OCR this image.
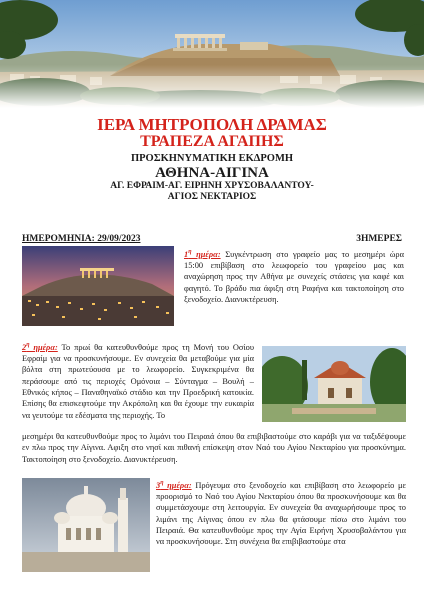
ΙΕΡΑ ΜΗΤΡΟΠΟΛΗ ΔΡΑΜΑΣ
ΤΡΑΠΕΖΑ ΑΓΑΠΗΣ
ΠΡΟΣΚΗΝΥΜΑΤΙΚΗ ΕΚΔΡΟΜΗ
ΑΘΗΝΑ-ΑΙΓΙΝΑ
ΑΓ. ΕΦΡΑΙΜ-ΑΓ. ΕΙΡΗΝΗ ΧΡΥΣΟΒΑΛΑΝΤΟΥ-
ΑΓΙΟΣ ΝΕΚΤΑΡΙΟΣ
ΗΜΕΡΟΜΗΝΙΑ: 29/09/2023	3ΗΜΕΡΕΣ
$1^\eta$ ημέρα: Συγκέντρωση στο γραφείο μας το μεσημέρι ώρα 15:00 επιβίβαση στο λεωφορείο του γραφείου μας και αναχώρηση προς την Αθήνα με συνεχείς στάσεις για καφέ και φαγητό. Το βράδυ πια άφιξη στη Ραφήνα και τακτοποίηση στο ξενοδοχείο. Διανυκτέρευση.
$2^\eta$ ημέρα: Το πρωί θα κατευθυνθούμε προς τη Μονή του Οσίου Εφραίμ για να προσκυνήσουμε. Εν συνεχεία θα μεταβούμε για μία βόλτα στη πρωτεύουσα με το λεωφορείο. Συγκεκριμένα θα περάσουμε από τις περιοχές Ομόνοια – Σύνταγμα – Βουλή – Εθνικός κήπος – Παναθηναϊκό στάδιο και την Προεδρική κατοικία. Επίσης θα επισκεφτούμε την Ακρόπολη και θα έχουμε την ευκαιρία να γευτούμε τα εδέσματα της περιοχής. Το
μεσημέρι θα κατευθυνθούμε προς το λιμάνι του Πειραιά όπου θα επιβιβαστούμε στο καράβι για να ταξιδέψουμε εν πλω προς την Αίγινα. Αφιξη στο νησί και πιθανή επίσκεψη στον Ναό του Αγίου Νεκταρίου για προσκύνημα. Τακτοποίηση στο ξενοδοχείο. Διανυκτέρευση.
$3^\eta$ ημέρα: Πρόγευμα στο ξενοδοχείο και επιβίβαση στο λεωφορείο με προορισμό το Ναό του Αγίου Νεκταρίου όπου θα προσκυνήσουμε και θα συμμετάσχουμε στη λειτουργία. Εν συνεχεία θα αναχωρήσουμε προς το λιμάνι της Αίγινας όπου εν πλω θα φτάσουμε πίσω στο λιμάνι του Πειραιά. Θα κατευθυνθούμε προς την Αγία Ειρήνη Χρυσοβαλάντου για να προσκυνήσουμε. Στη συνέχεια θα επιβιβαστούμε στα
